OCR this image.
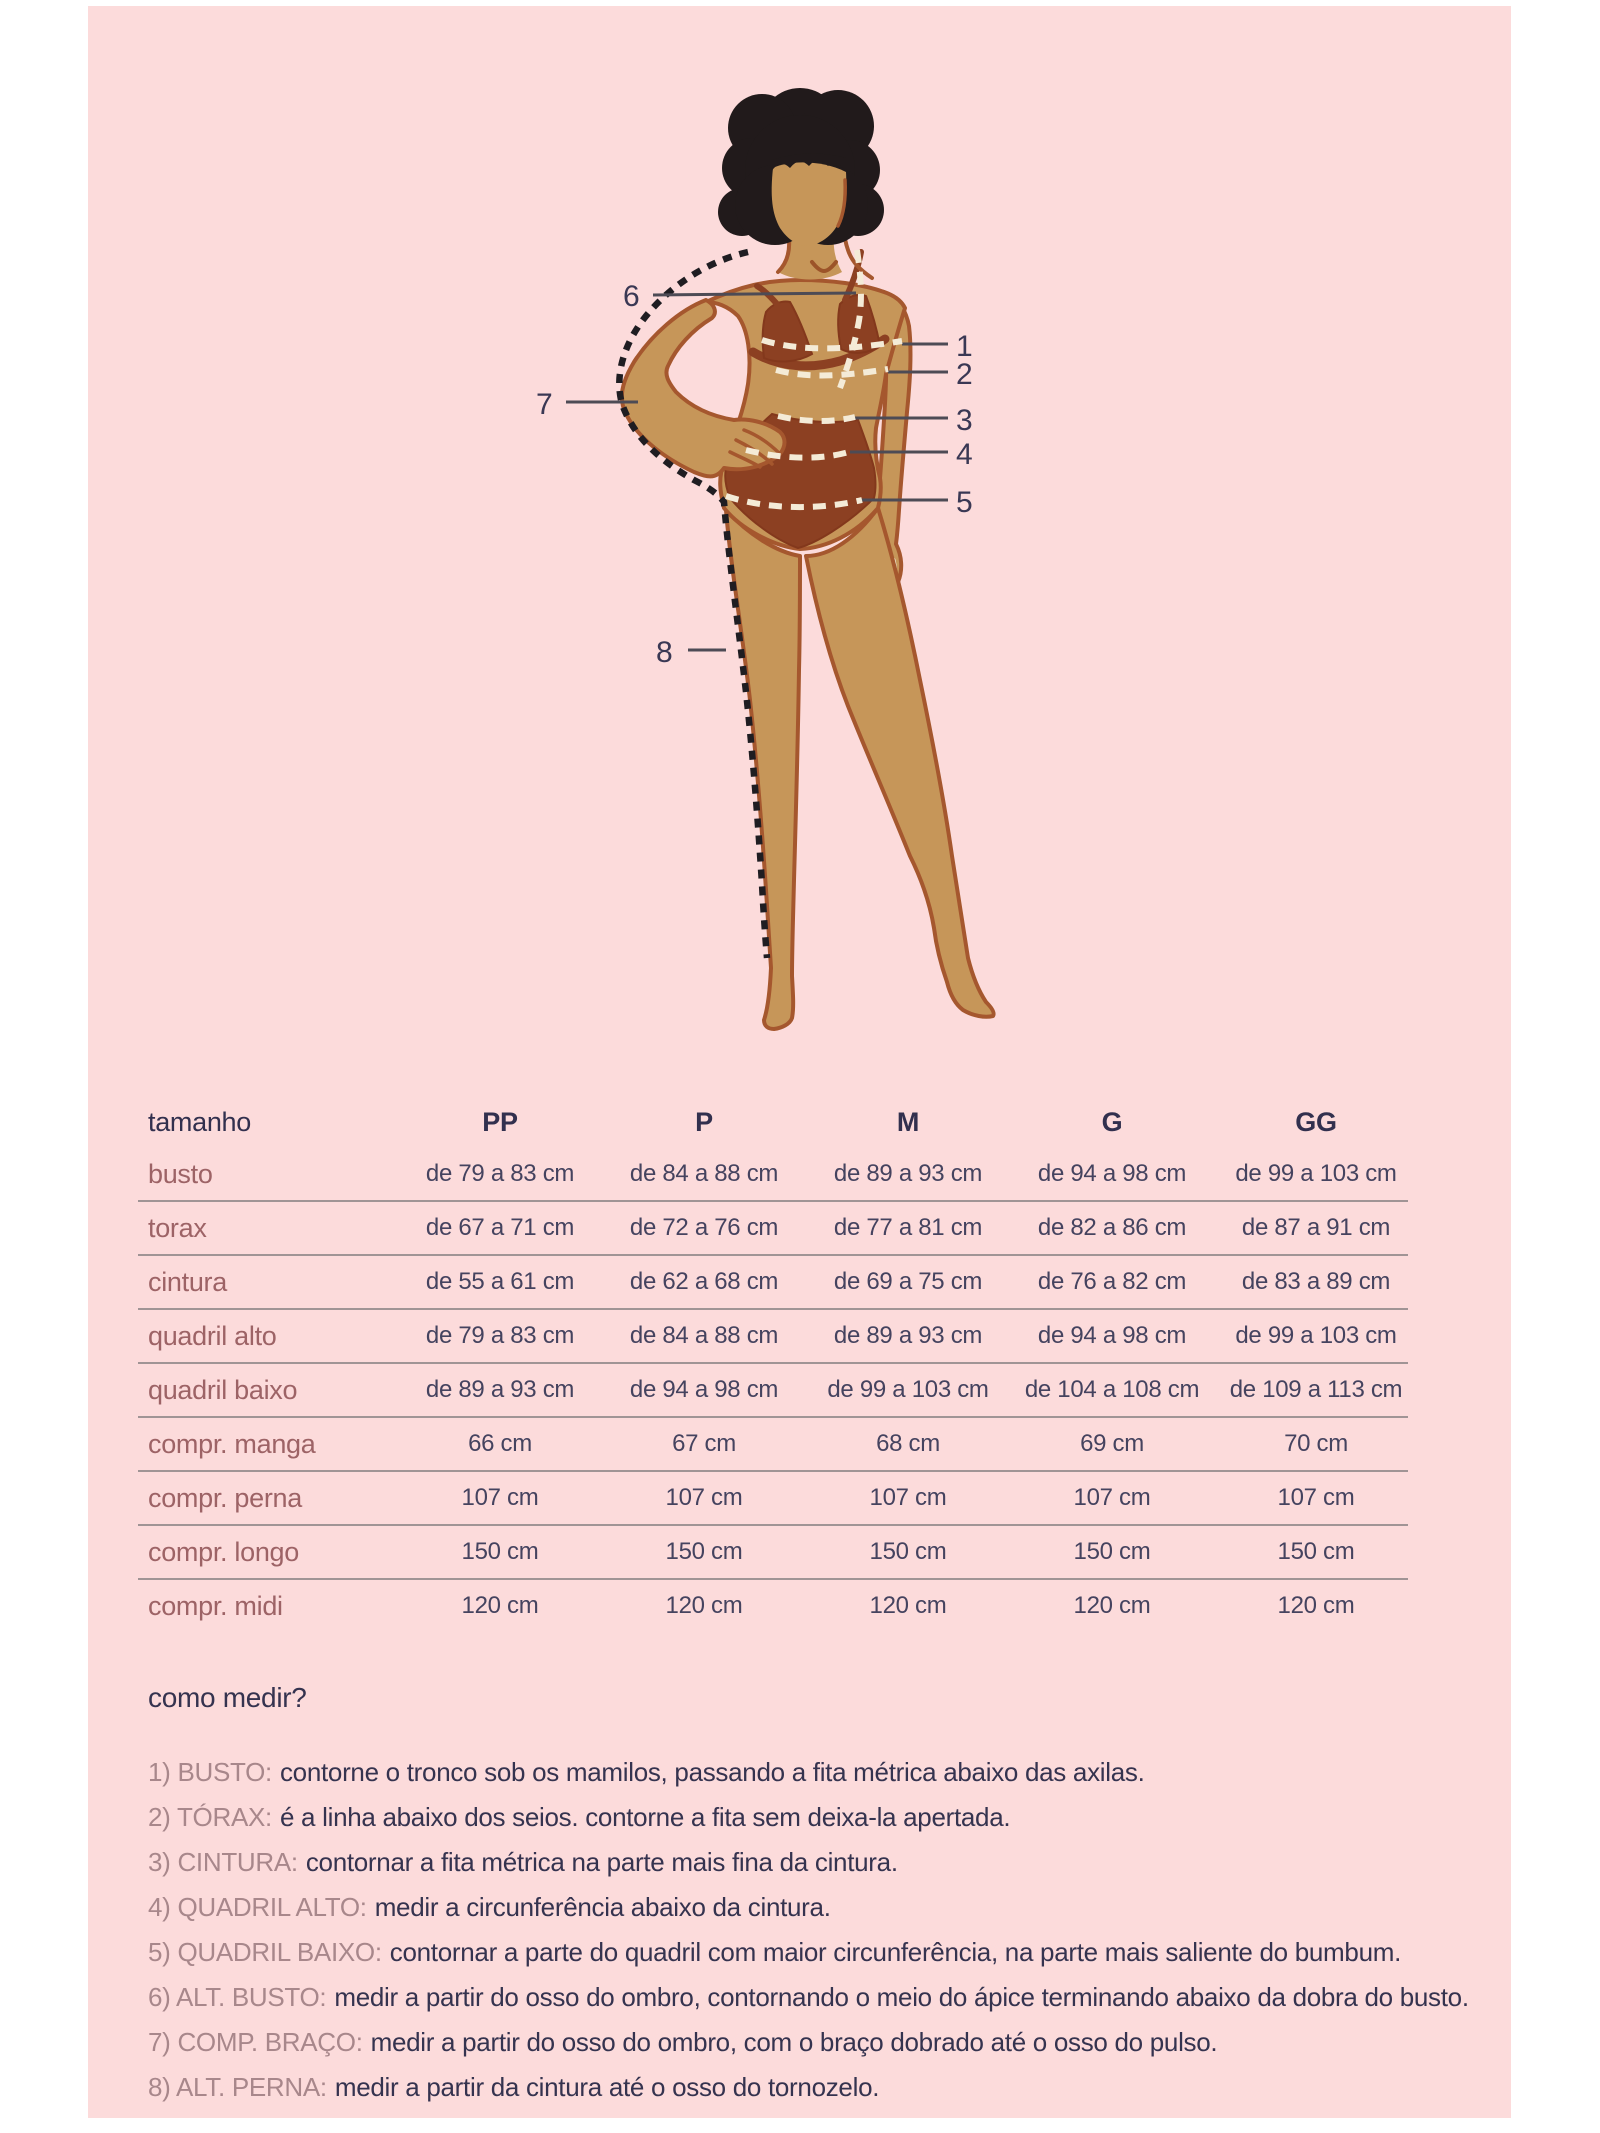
1
2
3
4
5
6
7
8
tamanho	PP	P	M	G	GG
busto	de 79 a 83 cm	de 84 a 88 cm	de 89 a 93 cm	de 94 a 98 cm	de 99 a 103 cm
torax	de 67 a 71 cm	de 72 a 76 cm	de 77 a 81 cm	de 82 a 86 cm	de 87 a 91 cm
cintura	de 55 a 61 cm	de 62 a 68 cm	de 69 a 75 cm	de 76 a 82 cm	de 83 a 89 cm
quadril alto	de 79 a 83 cm	de 84 a 88 cm	de 89 a 93 cm	de 94 a 98 cm	de 99 a 103 cm
quadril baixo	de 89 a 93 cm	de 94 a 98 cm	de 99 a 103 cm	de 104 a 108 cm	de 109 a 113 cm
compr. manga	66 cm	67 cm	68 cm	69 cm	70 cm
compr. perna	107 cm	107 cm	107 cm	107 cm	107 cm
compr. longo	150 cm	150 cm	150 cm	150 cm	150 cm
compr. midi	120 cm	120 cm	120 cm	120 cm	120 cm
como medir?
1) BUSTO: contorne o tronco sob os mamilos, passando a fita métrica abaixo das axilas.
2) TÓRAX: é a linha abaixo dos seios. contorne a fita sem deixa-la apertada.
3) CINTURA: contornar a fita métrica na parte mais fina da cintura.
4) QUADRIL ALTO: medir a circunferência abaixo da cintura.
5) QUADRIL BAIXO: contornar a parte do quadril com maior circunferência, na parte mais saliente do bumbum.
6) ALT. BUSTO: medir a partir do osso do ombro, contornando o meio do ápice terminando abaixo da dobra do busto.
7) COMP. BRAÇO: medir a partir do osso do ombro, com o braço dobrado até o osso do pulso.
8) ALT. PERNA: medir a partir da cintura até o osso do tornozelo.
